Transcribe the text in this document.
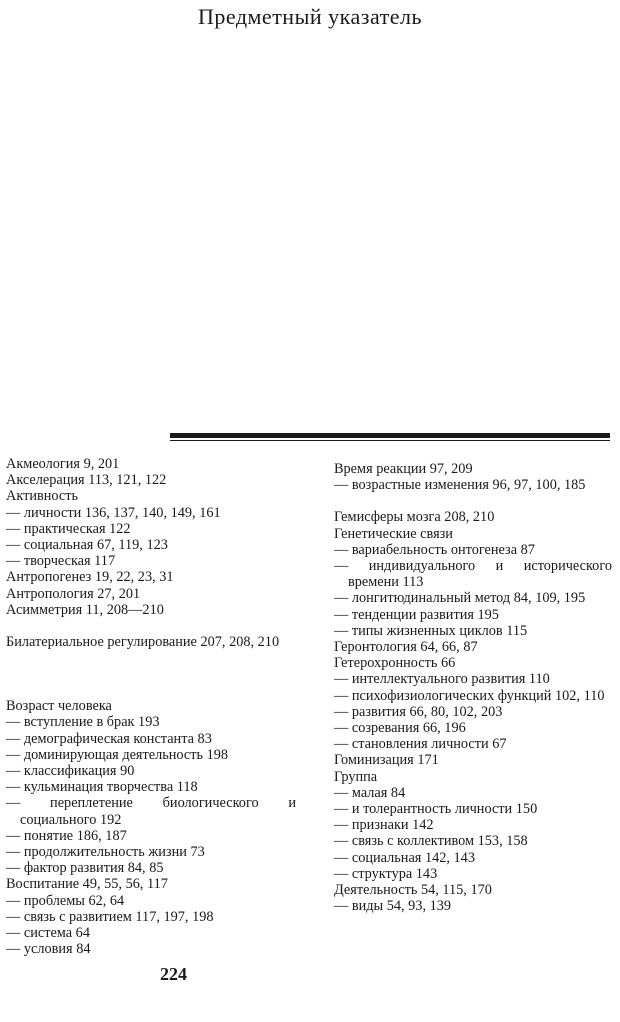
Предметный указатель

Акмеология 9, 201

Акселерация 113, 121, 122

Активность

— личности 136, 137, 140, 149, 161

— практическая 122

— социальная 67, 119, 123

— творческая 117

Антропогенез 19, 22, 23, 31

Антропология 27, 201

Асимметрия 11, 208—210

Билатериальное регулирование 207, 208, 210

Возраст человека

— вступление в брак 193

— демографическая константа 83

— доминирующая деятельность 198

— классификация 90

— кульминация творчества 118

— переплетение биологического и социального 192

— понятие 186, 187

— продолжительность жизни 73

— фактор развития 84, 85

Воспитание 49, 55, 56, 117

— проблемы 62, 64

— связь с развитием 117, 197, 198

— система 64

— условия 84

Время реакции 97, 209

— возрастные изменения 96, 97, 100, 185

Гемисферы мозга 208, 210

Генетические связи

— вариабельность онтогенеза 87

— индивидуального и исторического времени 113

— лонгитюдинальный метод 84, 109, 195

— тенденции развития 195

— типы жизненных циклов 115

Геронтология 64, 66, 87

Гетерохронность 66

— интеллектуального развития 110

— психофизиологических функций 102, 110

— развития 66, 80, 102, 203

— созревания 66, 196

— становления личности 67

Гоминизация 171

Группа

— малая 84

— и толерантность личности 150

— признаки 142

— связь с коллективом 153, 158

— социальная 142, 143

— структура 143

Деятельность 54, 115, 170

— виды 54, 93, 139

224
